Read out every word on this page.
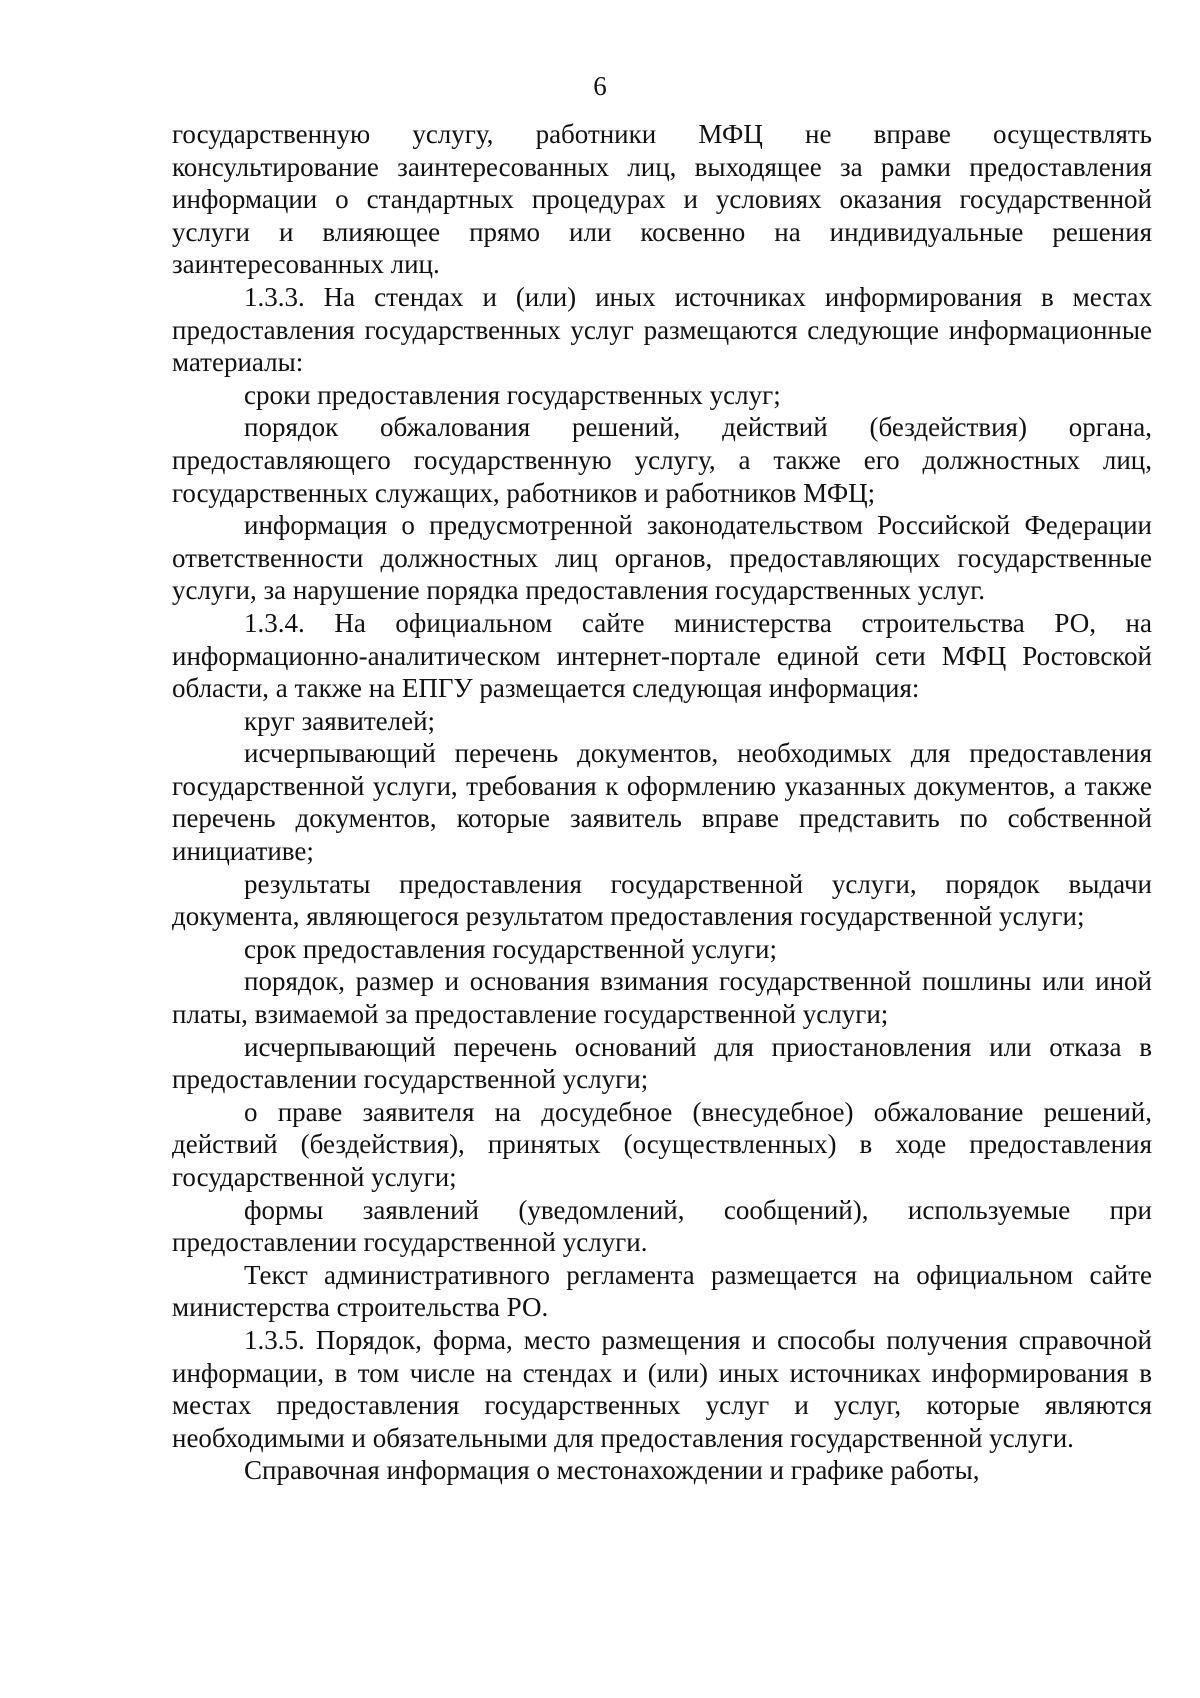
6

государственную услугу, работники МФЦ не вправе осуществлять консультирование заинтересованных лиц, выходящее за рамки предоставления информации о стандартных процедурах и условиях оказания государственной услуги и влияющее прямо или косвенно на индивидуальные решения заинтересованных лиц.

1.3.3. На стендах и (или) иных источниках информирования в местах предоставления государственных услуг размещаются следующие информационные материалы:

сроки предоставления государственных услуг;

порядок обжалования решений, действий (бездействия) органа, предоставляющего государственную услугу, а также его должностных лиц, государственных служащих, работников и работников МФЦ;

информация о предусмотренной законодательством Российской Федерации ответственности должностных лиц органов, предоставляющих государственные услуги, за нарушение порядка предоставления государственных услуг.

1.3.4. На официальном сайте министерства строительства РО, на информационно-аналитическом интернет-портале единой сети МФЦ Ростовской области, а также на ЕПГУ размещается следующая информация:

круг заявителей;

исчерпывающий перечень документов, необходимых для предоставления государственной услуги, требования к оформлению указанных документов, а также перечень документов, которые заявитель вправе представить по собственной инициативе;

результаты предоставления государственной услуги, порядок выдачи документа, являющегося результатом предоставления государственной услуги;

срок предоставления государственной услуги;

порядок, размер и основания взимания государственной пошлины или иной платы, взимаемой за предоставление государственной услуги;

исчерпывающий перечень оснований для приостановления или отказа в предоставлении государственной услуги;

о праве заявителя на досудебное (внесудебное) обжалование решений, действий (бездействия), принятых (осуществленных) в ходе предоставления государственной услуги;

формы заявлений (уведомлений, сообщений), используемые при предоставлении государственной услуги.

Текст административного регламента размещается на официальном сайте министерства строительства РО.

1.3.5. Порядок, форма, место размещения и способы получения справочной информации, в том числе на стендах и (или) иных источниках информирования в местах предоставления государственных услуг и услуг, которые являются необходимыми и обязательными для предоставления государственной услуги.

Справочная информация о местонахождении и графике работы,
